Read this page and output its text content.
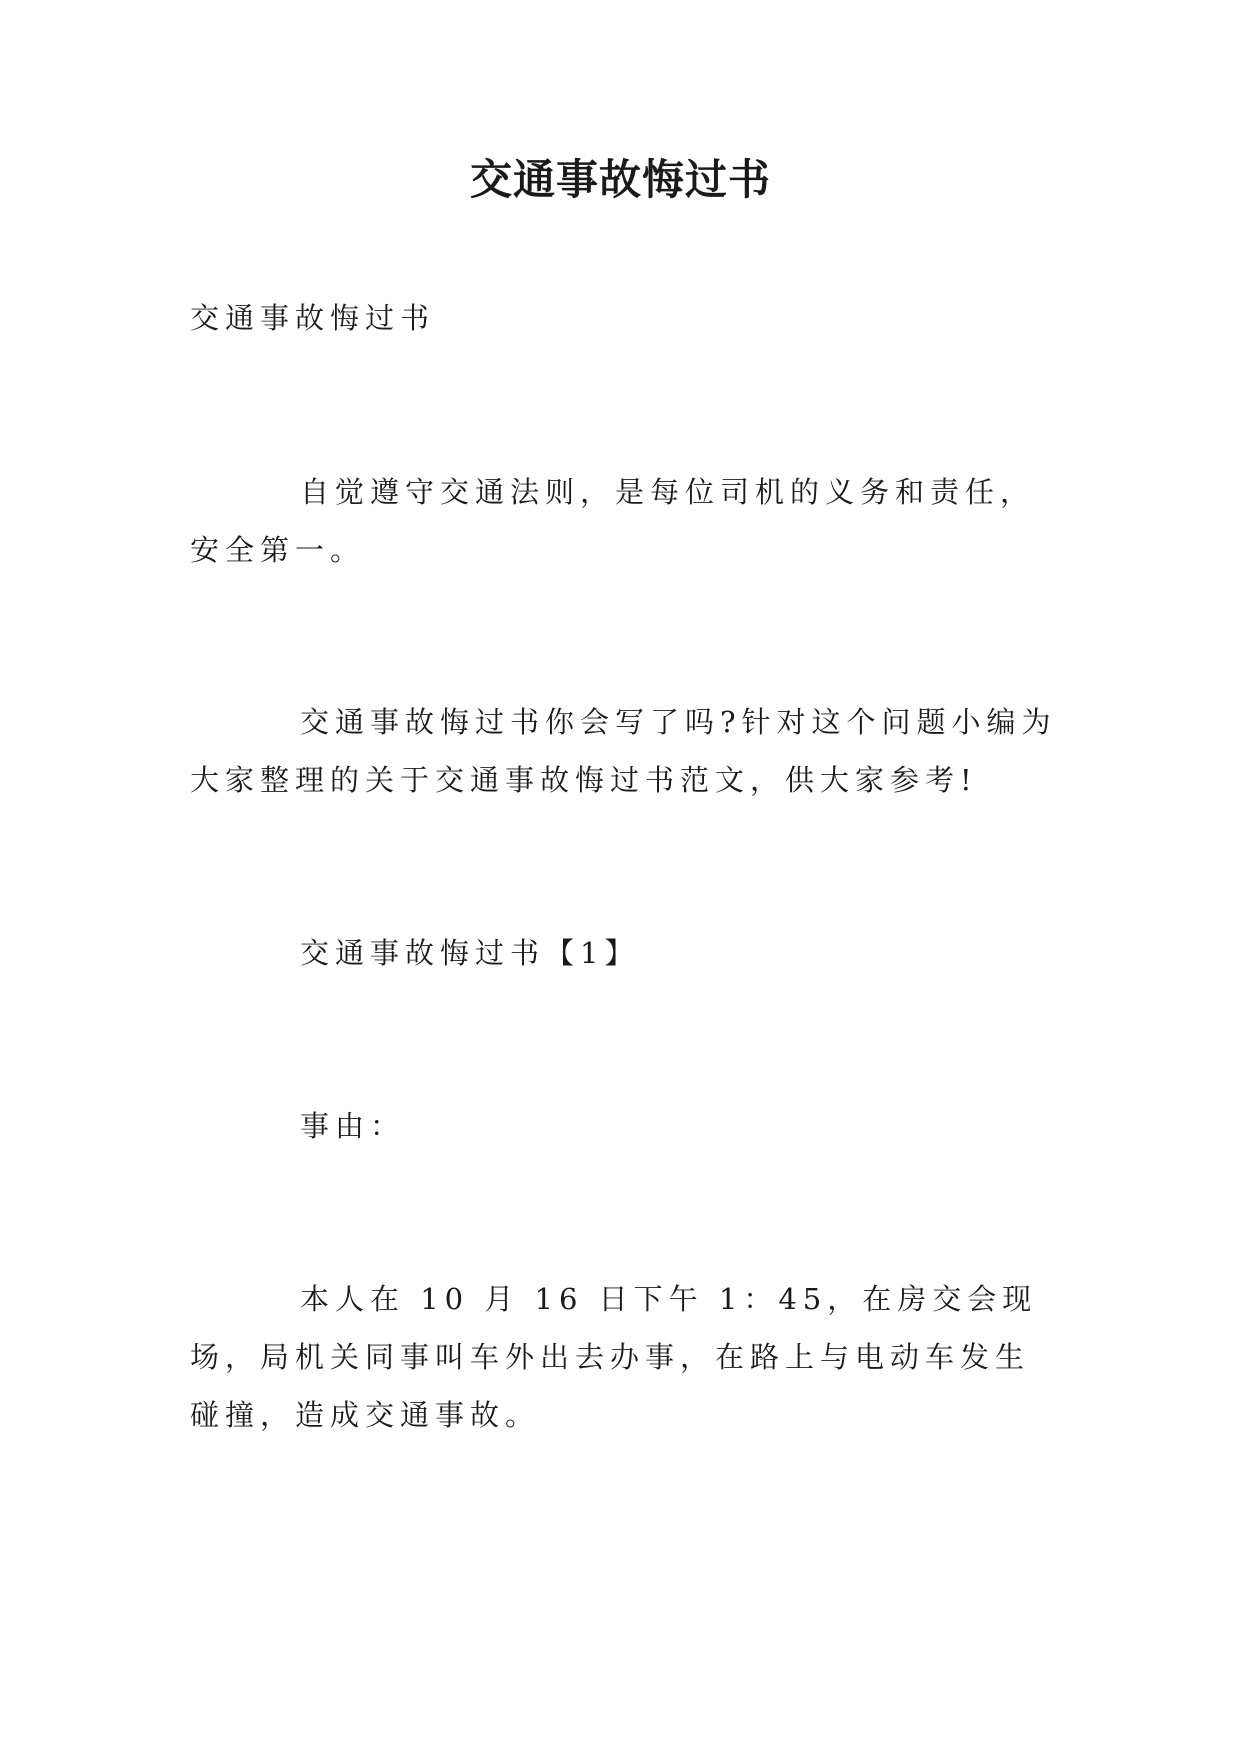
交通事故悔过书

交通事故悔过书

自觉遵守交通法则，是每位司机的义务和责任，安全第一。

交通事故悔过书你会写了吗?针对这个问题小编为大家整理的关于交通事故悔过书范文，供大家参考!

交通事故悔过书【1】

事由：

本人在 10 月 16 日下午 1：45，在房交会现场，局机关同事叫车外出去办事，在路上与电动车发生碰撞，造成交通事故。
